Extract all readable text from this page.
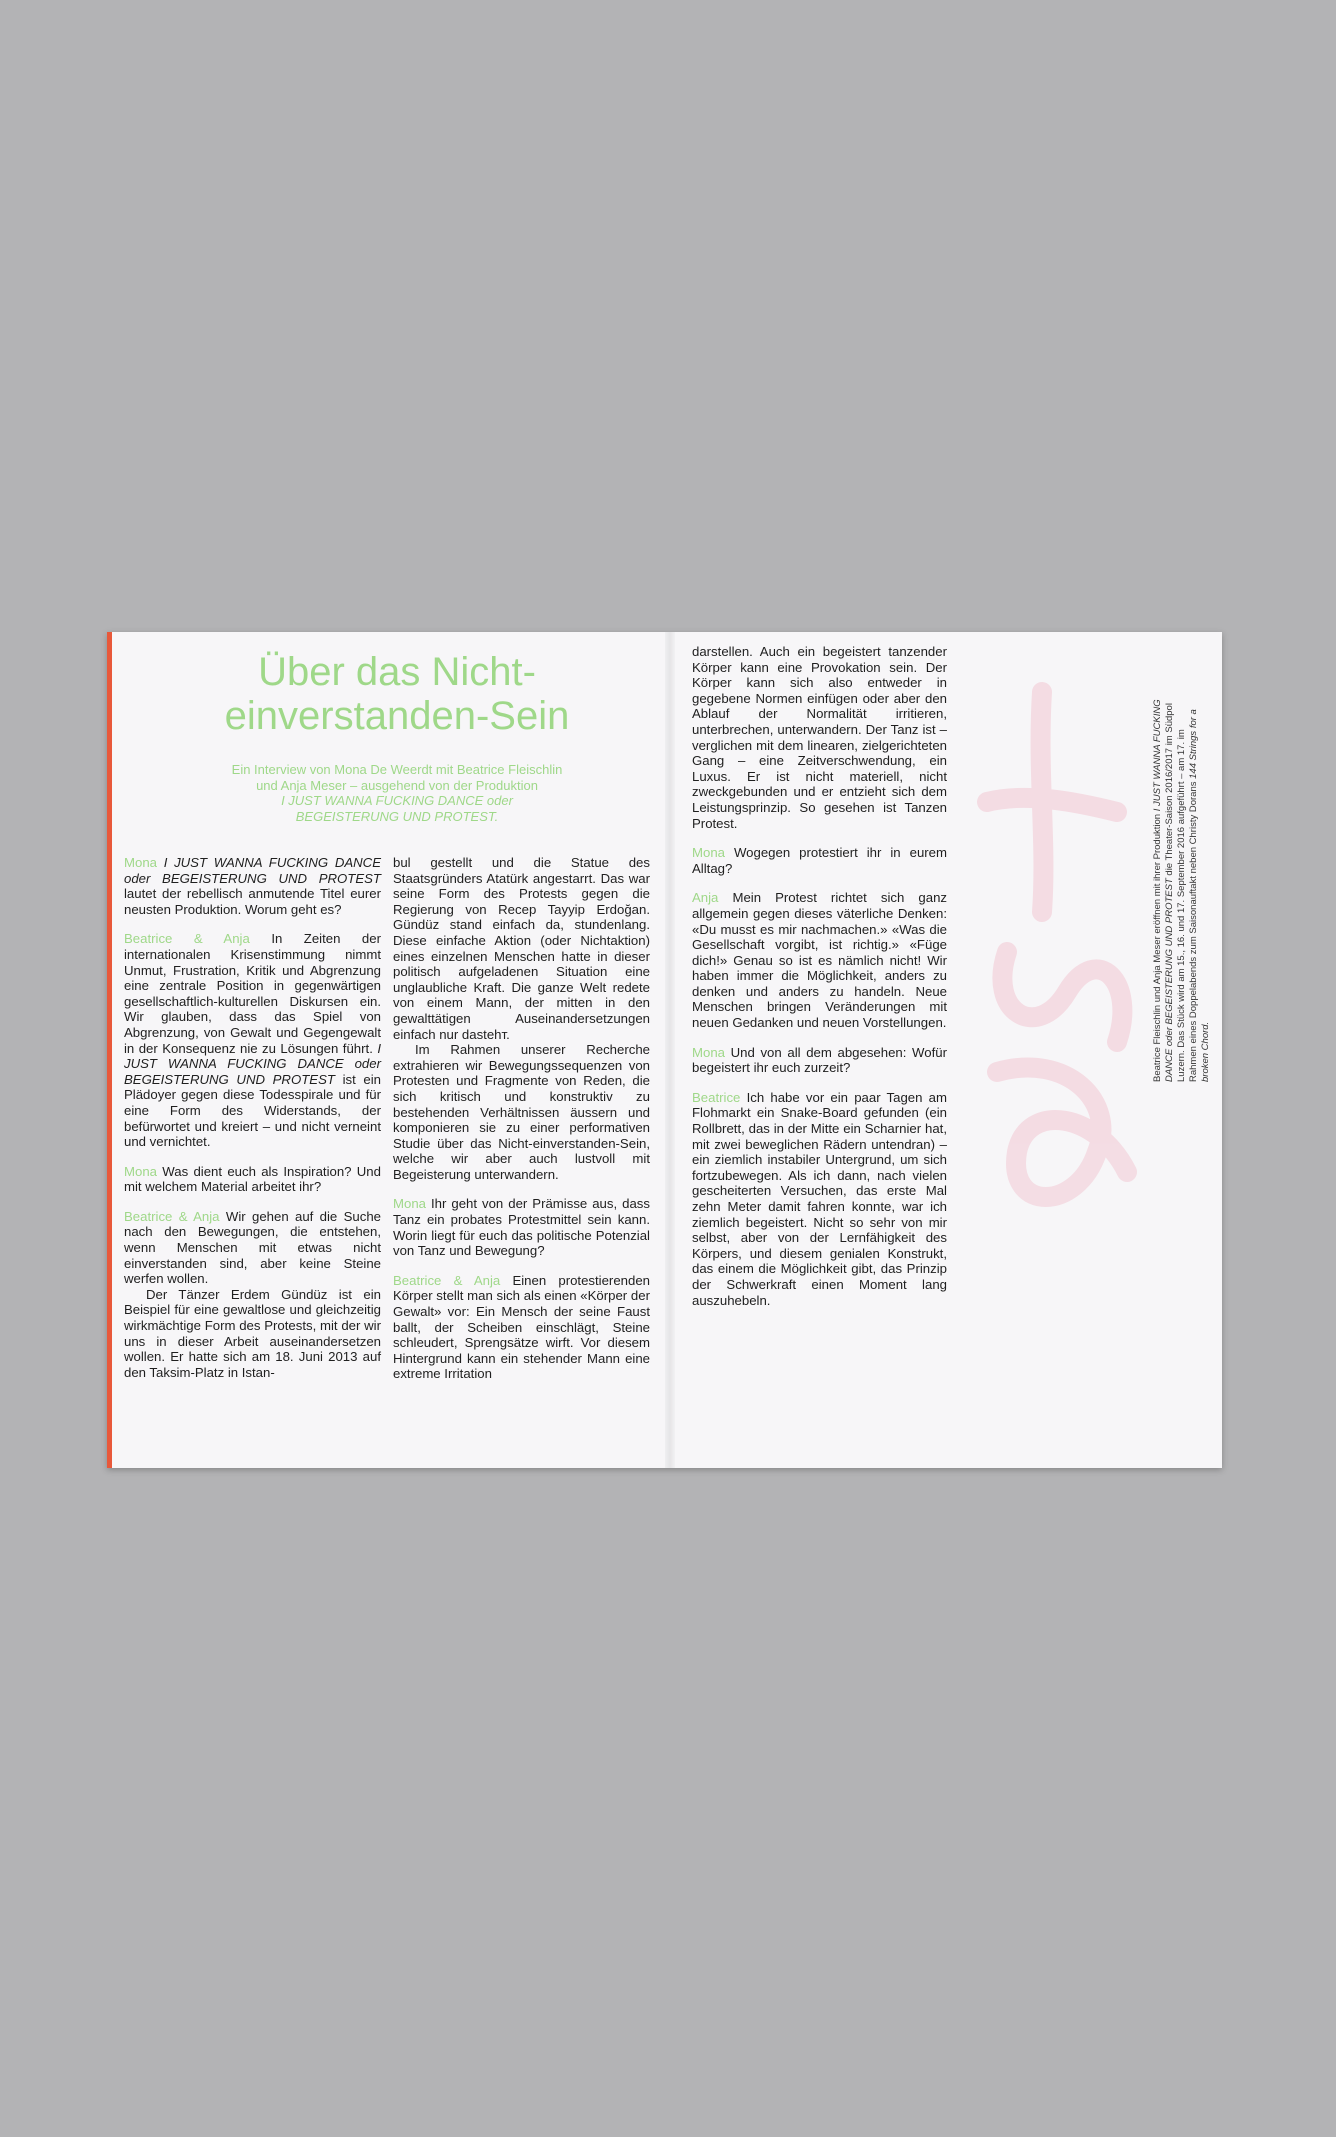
Über das Nicht-
einverstanden-Sein

Ein Interview von Mona De Weerdt mit Beatrice Fleischlin
und Anja Meser – ausgehend von der Produktion
I JUST WANNA FUCKING DANCE oder
BEGEISTERUNG UND PROTEST.

Mona I JUST WANNA FUCKING DANCE oder BEGEISTERUNG UND PROTEST lautet der rebellisch anmutende Titel eurer neusten Produktion. Worum geht es?

Beatrice & Anja In Zeiten der internationalen Krisenstimmung nimmt Unmut, Frustration, Kritik und Abgrenzung eine zentrale Position in gegenwärtigen gesellschaftlich-kulturellen Diskursen ein. Wir glauben, dass das Spiel von Abgrenzung, von Gewalt und Gegengewalt in der Konsequenz nie zu Lösungen führt. I JUST WANNA FUCKING DANCE oder BEGEISTERUNG UND PROTEST ist ein Plädoyer gegen diese Todesspirale und für eine Form des Widerstands, der befürwortet und kreiert – und nicht verneint und vernichtet.

Mona Was dient euch als Inspiration? Und mit welchem Material arbeitet ihr?

Beatrice & Anja Wir gehen auf die Suche nach den Bewegungen, die entstehen, wenn Menschen mit etwas nicht einverstanden sind, aber keine Steine werfen wollen.

Der Tänzer Erdem Gündüz ist ein Beispiel für eine gewaltlose und gleichzeitig wirkmächtige Form des Protests, mit der wir uns in dieser Arbeit auseinandersetzen wollen. Er hatte sich am 18. Juni 2013 auf den Taksim-Platz in Istan-

bul gestellt und die Statue des Staatsgründers Atatürk angestarrt. Das war seine Form des Protests gegen die Regierung von Recep Tayyip Erdoğan. Gündüz stand einfach da, stundenlang. Diese einfache Aktion (oder Nichtaktion) eines einzelnen Menschen hatte in dieser politisch aufgeladenen Situation eine unglaubliche Kraft. Die ganze Welt redete von einem Mann, der mitten in den gewalttätigen Auseinandersetzungen einfach nur dastehт.

Im Rahmen unserer Recherche extrahieren wir Bewegungssequenzen von Protesten und Fragmente von Reden, die sich kritisch und konstruktiv zu bestehenden Verhältnissen äussern und komponieren sie zu einer performativen Studie über das Nicht-einverstanden-Sein, welche wir aber auch lustvoll mit Begeisterung unterwandern.

Mona Ihr geht von der Prämisse aus, dass Tanz ein probates Protestmittel sein kann. Worin liegt für euch das politische Potenzial von Tanz und Bewegung?

Beatrice & Anja Einen protestierenden Körper stellt man sich als einen «Körper der Gewalt» vor: Ein Mensch der seine Faust ballt, der Scheiben einschlägt, Steine schleudert, Sprengsätze wirft. Vor diesem Hintergrund kann ein stehender Mann eine extreme Irritation

darstellen. Auch ein begeistert tanzender Körper kann eine Provokation sein. Der Körper kann sich also entweder in gegebene Normen einfügen oder aber den Ablauf der Normalität irritieren, unterbrechen, unterwandern. Der Tanz ist – verglichen mit dem linearen, zielgerichteten Gang – eine Zeitverschwendung, ein Luxus. Er ist nicht materiell, nicht zweckgebunden und er entzieht sich dem Leistungsprinzip. So gesehen ist Tanzen Protest.

Mona Wogegen protestiert ihr in eurem Alltag?

Anja Mein Protest richtet sich ganz allgemein gegen dieses väterliche Denken: «Du musst es mir nachmachen.» «Was die Gesellschaft vorgibt, ist richtig.» «Füge dich!» Genau so ist es nämlich nicht! Wir haben immer die Möglichkeit, anders zu denken und anders zu handeln. Neue Menschen bringen Veränderungen mit neuen Gedanken und neuen Vorstellungen.

Mona Und von all dem abgesehen: Wofür begeistert ihr euch zurzeit?

Beatrice Ich habe vor ein paar Tagen am Flohmarkt ein Snake-Board gefunden (ein Rollbrett, das in der Mitte ein Scharnier hat, mit zwei beweglichen Rädern untendran) – ein ziemlich instabiler Untergrund, um sich fortzubewegen. Als ich dann, nach vielen gescheiterten Versuchen, das erste Mal zehn Meter damit fahren konnte, war ich ziemlich begeistert. Nicht so sehr von mir selbst, aber von der Lernfähigkeit des Körpers, und diesem genialen Konstrukt, das einem die Möglichkeit gibt, das Prinzip der Schwerkraft einen Moment lang auszuhebeln.

Beatrice Fleischlin und Anja Meser eröffnen mit ihrer Produktion I JUST WANNA FUCKING DANCE oder BEGEISTERUNG UND PROTEST die Theater-Saison 2016/2017 im Südpol Luzern. Das Stück wird am 15., 16. und 17. September 2016 aufgeführt – am 17. im Rahmen eines Doppelabends zum Saisonauftakt neben Christy Dorans 144 Strings for a broken Chord.
